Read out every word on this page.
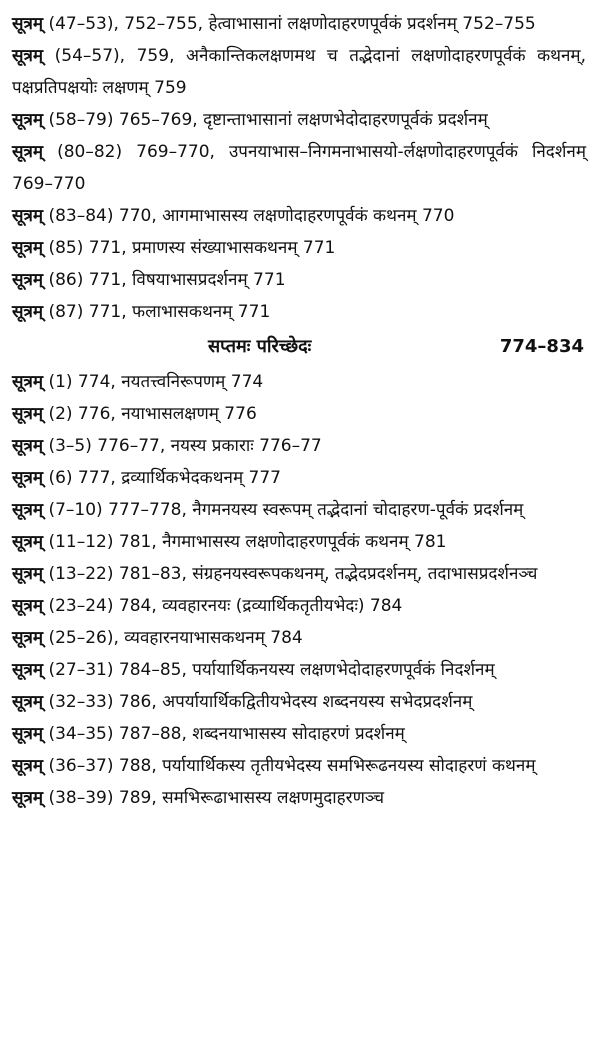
सूत्रम् (47–53), 752–755, हेत्वाभासानां लक्षणोदाहरणपूर्वकं प्रदर्शनम् 752–755

सूत्रम् (54–57), 759, अनैकान्तिकलक्षणमथ च तद्भेदानां लक्षणोदाहरणपूर्वकं कथनम्, पक्षप्रतिपक्षयोः लक्षणम् 759

सूत्रम् (58–79) 765–769, दृष्टान्ताभासानां लक्षणभेदोदाहरणपूर्वकं प्रदर्शनम्

सूत्रम् (80–82) 769–770, उपनयाभास–निगमनाभासयो-र्लक्षणोदाहरणपूर्वकं निदर्शनम् 769–770

सूत्रम् (83–84) 770, आगमाभासस्य लक्षणोदाहरणपूर्वकं कथनम् 770

सूत्रम् (85) 771, प्रमाणस्य संख्याभासकथनम् 771

सूत्रम् (86) 771, विषयाभासप्रदर्शनम् 771

सूत्रम् (87) 771, फलाभासकथनम् 771

सप्तमः परिच्छेदः	774–834

सूत्रम् (1) 774, नयतत्त्वनिरूपणम् 774

सूत्रम् (2) 776, नयाभासलक्षणम् 776

सूत्रम् (3–5) 776–77, नयस्य प्रकाराः 776–77

सूत्रम् (6) 777, द्रव्यार्थिकभेदकथनम् 777

सूत्रम् (7–10) 777–778, नैगमनयस्य स्वरूपम् तद्भेदानां चोदाहरण-पूर्वकं प्रदर्शनम्

सूत्रम् (11–12) 781, नैगमाभासस्य लक्षणोदाहरणपूर्वकं कथनम् 781

सूत्रम् (13–22) 781–83, संग्रहनयस्वरूपकथनम्, तद्भेदप्रदर्शनम्, तदाभासप्रदर्शनञ्च

सूत्रम् (23–24) 784, व्यवहारनयः (द्रव्यार्थिकतृतीयभेदः) 784

सूत्रम् (25–26), व्यवहारनयाभासकथनम् 784

सूत्रम् (27–31) 784–85, पर्यायार्थिकनयस्य लक्षणभेदोदाहरणपूर्वकं निदर्शनम्

सूत्रम् (32–33) 786, अपर्यायार्थिकद्वितीयभेदस्य शब्दनयस्य सभेदप्रदर्शनम्

सूत्रम् (34–35) 787–88, शब्दनयाभासस्य सोदाहरणं प्रदर्शनम्

सूत्रम् (36–37) 788, पर्यायार्थिकस्य तृतीयभेदस्य समभिरूढनयस्य सोदाहरणं कथनम्

सूत्रम् (38–39) 789, समभिरूढाभासस्य लक्षणमुदाहरणञ्च
